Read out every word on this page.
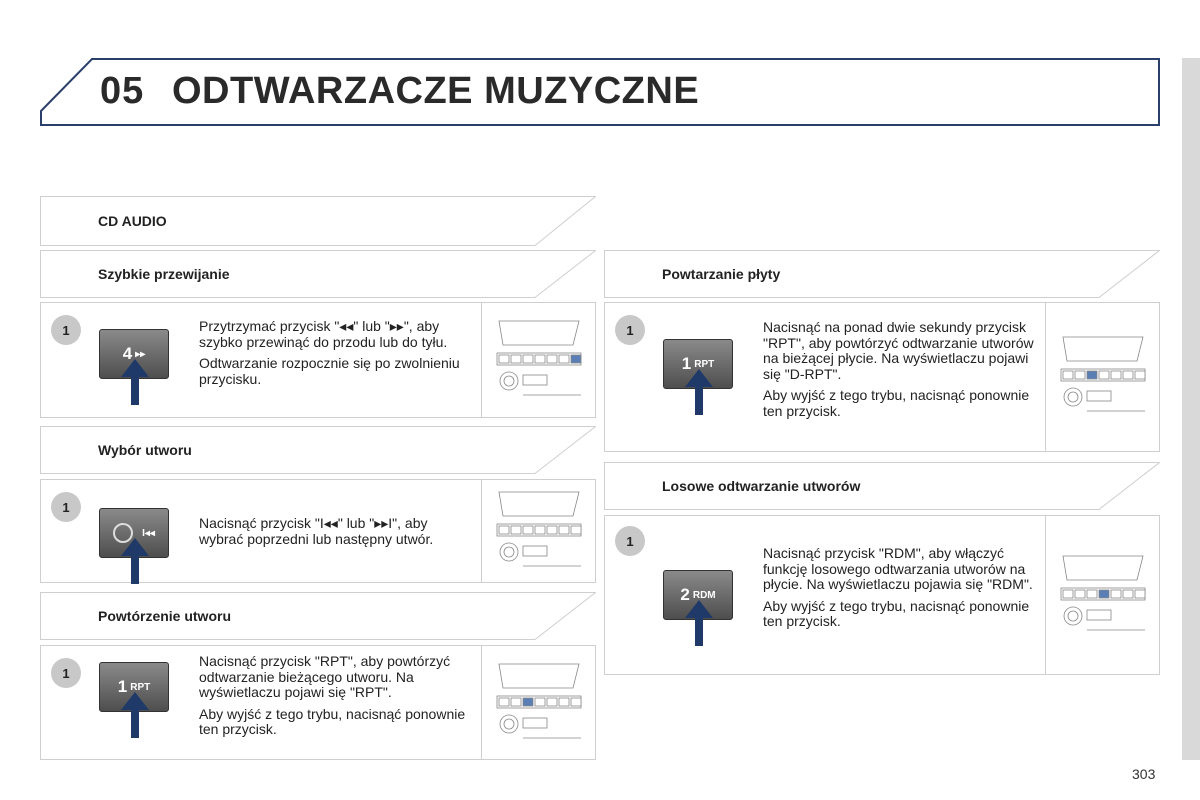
05 ODTWARZACZE MUZYCZNE
303
CD AUDIO
Szybkie przewijanie
1
4 ▸▸

Przytrzymać przycisk "◂◂" lub "▸▸", aby szybko przewinąć do przodu lub do tyłu.

Odtwarzanie rozpocznie się po zwolnieniu przycisku.

Wybór utworu
1
I◂◂

Nacisnąć przycisk "I◂◂" lub "▸▸I", aby wybrać poprzedni lub następny utwór.

Powtórzenie utworu
1
1 RPT

Nacisnąć przycisk "RPT", aby powtórzyć odtwarzanie bieżącego utworu. Na wyświetlaczu pojawi się "RPT".

Aby wyjść z tego trybu, nacisnąć ponownie ten przycisk.

Powtarzanie płyty
1
1 RPT

Nacisnąć na ponad dwie sekundy przycisk "RPT", aby powtórzyć odtwarzanie utworów na bieżącej płycie. Na wyświetlaczu pojawi się "D-RPT".

Aby wyjść z tego trybu, nacisnąć ponownie ten przycisk.

Losowe odtwarzanie utworów
1
2 RDM

Nacisnąć przycisk "RDM", aby włączyć funkcję losowego odtwarzania utworów na płycie. Na wyświetlaczu pojawia się "RDM".

Aby wyjść z tego trybu, nacisnąć ponownie ten przycisk.
